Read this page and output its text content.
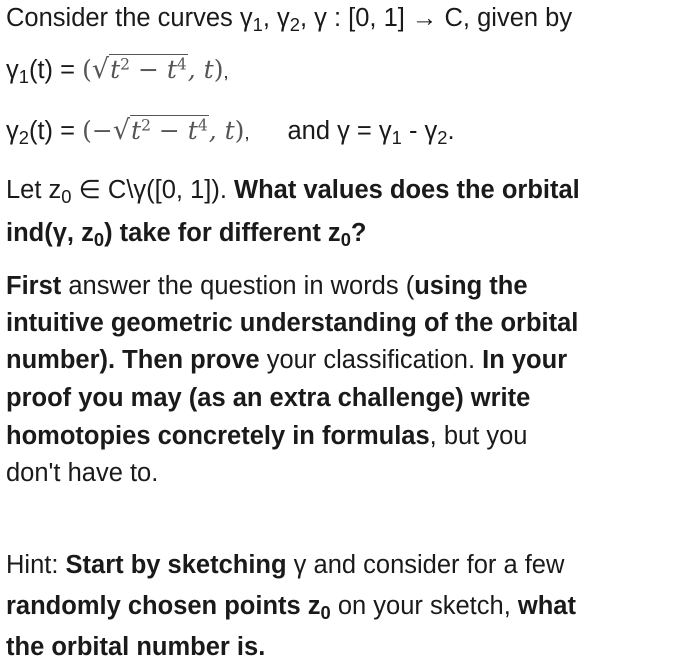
Consider the curves $\gamma_1$, $\gamma_2$, γ : [0, 1] → C, given by
$\gamma_1(t) = (√t^2 - t^4$, t),
$\gamma_2(t) = (-√t^2 - t^4$, t), and $\gamma = \gamma_1 - \gamma_2$.
Let $z_0$ ∈ C\γ([0, 1]). What values does the orbital
ind(γ, $z_0$) take for different $z_0$?
First answer the question in words (using the
intuitive geometric understanding of the orbital
number). Then prove your classification. In your
proof you may (as an extra challenge) write
homotopies concretely in formulas, but you
don't have to.
Hint: Start by sketching γ and consider for a few
randomly chosen points $z_0$ on your sketch, what
the orbital number is.
